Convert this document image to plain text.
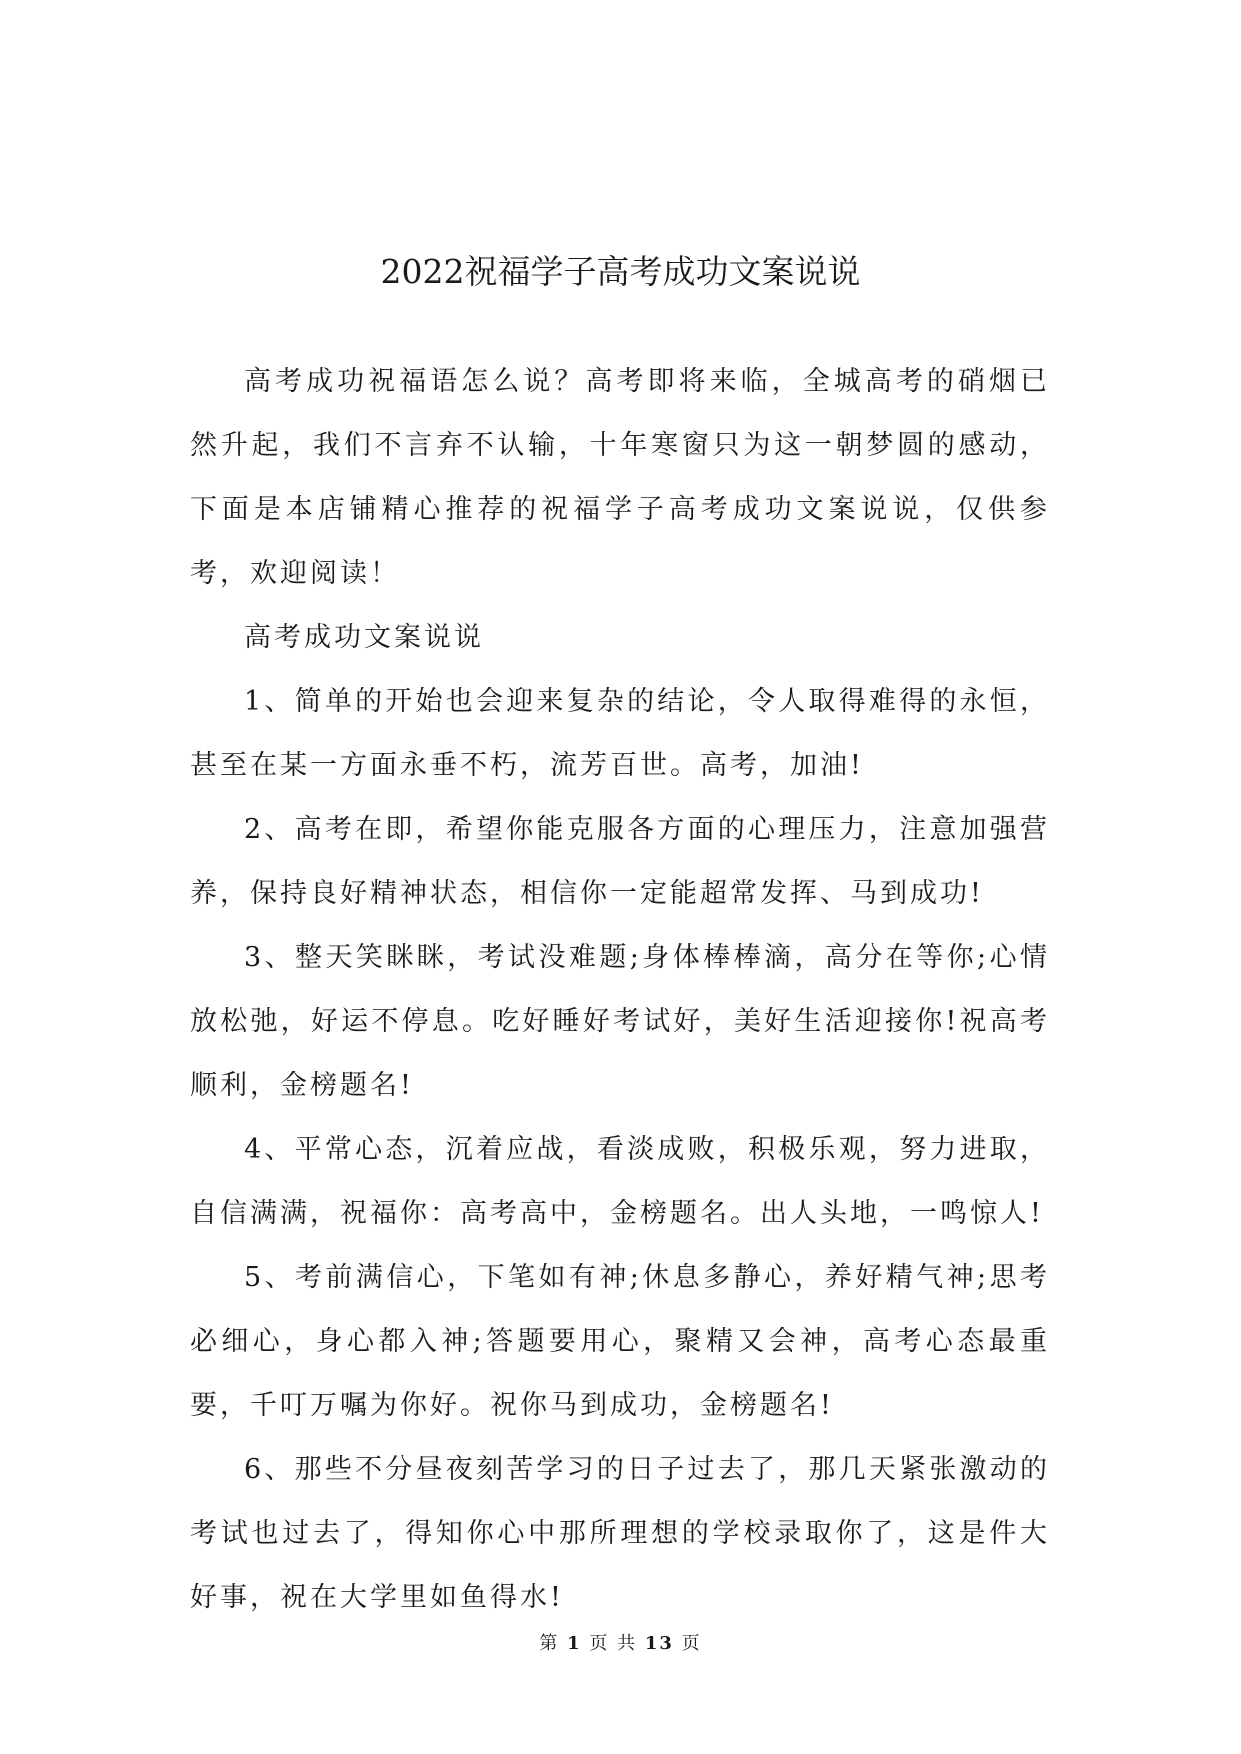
2022祝福学子高考成功文案说说

高考成功祝福语怎么说？高考即将来临，全城高考的硝烟已然升起，我们不言弃不认输，十年寒窗只为这一朝梦圆的感动，下面是本店铺精心推荐的祝福学子高考成功文案说说，仅供参考，欢迎阅读！

高考成功文案说说

1、简单的开始也会迎来复杂的结论，令人取得难得的永恒，甚至在某一方面永垂不朽，流芳百世。高考，加油!

2、高考在即，希望你能克服各方面的心理压力，注意加强营养，保持良好精神状态，相信你一定能超常发挥、马到成功!

3、整天笑眯眯，考试没难题;身体棒棒滴，高分在等你;心情放松弛，好运不停息。吃好睡好考试好，美好生活迎接你!祝高考顺利，金榜题名!

4、平常心态，沉着应战，看淡成败，积极乐观，努力进取，自信满满，祝福你：高考高中，金榜题名。出人头地，一鸣惊人!

5、考前满信心，下笔如有神;休息多静心，养好精气神;思考必细心，身心都入神;答题要用心，聚精又会神，高考心态最重要，千叮万嘱为你好。祝你马到成功，金榜题名!

6、那些不分昼夜刻苦学习的日子过去了，那几天紧张激动的考试也过去了，得知你心中那所理想的学校录取你了，这是件大好事，祝在大学里如鱼得水!

第 1 页 共 13 页
